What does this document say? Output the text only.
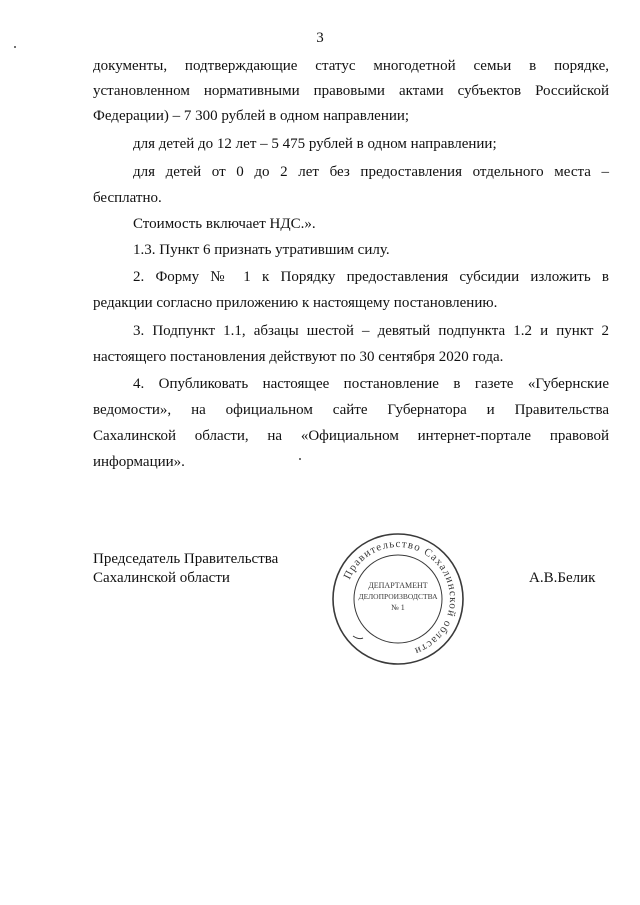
3
документы, подтверждающие статус многодетной семьи в порядке,
установленном нормативными правовыми актами субъектов Российской
Федерации) – 7 300 рублей в одном направлении;
для детей до 12 лет – 5 475 рублей в одном направлении;
для детей от 0 до 2 лет без предоставления отдельного места –
бесплатно.
Стоимость включает НДС.».
1.3. Пункт 6 признать утратившим силу.
2. Форму № 1 к Порядку предоставления субсидии изложить в
редакции согласно приложению к настоящему постановлению.
3. Подпункт 1.1, абзацы шестой – девятый подпункта 1.2 и пункт 2
настоящего постановления действуют по 30 сентября 2020 года.
4. Опубликовать настоящее постановление в газете «Губернские
ведомости», на официальном сайте Губернатора и Правительства
Сахалинской области, на «Официальном интернет-портале правовой
информации».
Председатель Правительства
Сахалинской области	А.В.Белик
Правительство Сахалинской области
ДЕПАРТАМЕНТ
ДЕЛОПРОИЗВОДСТВА
№ 1
